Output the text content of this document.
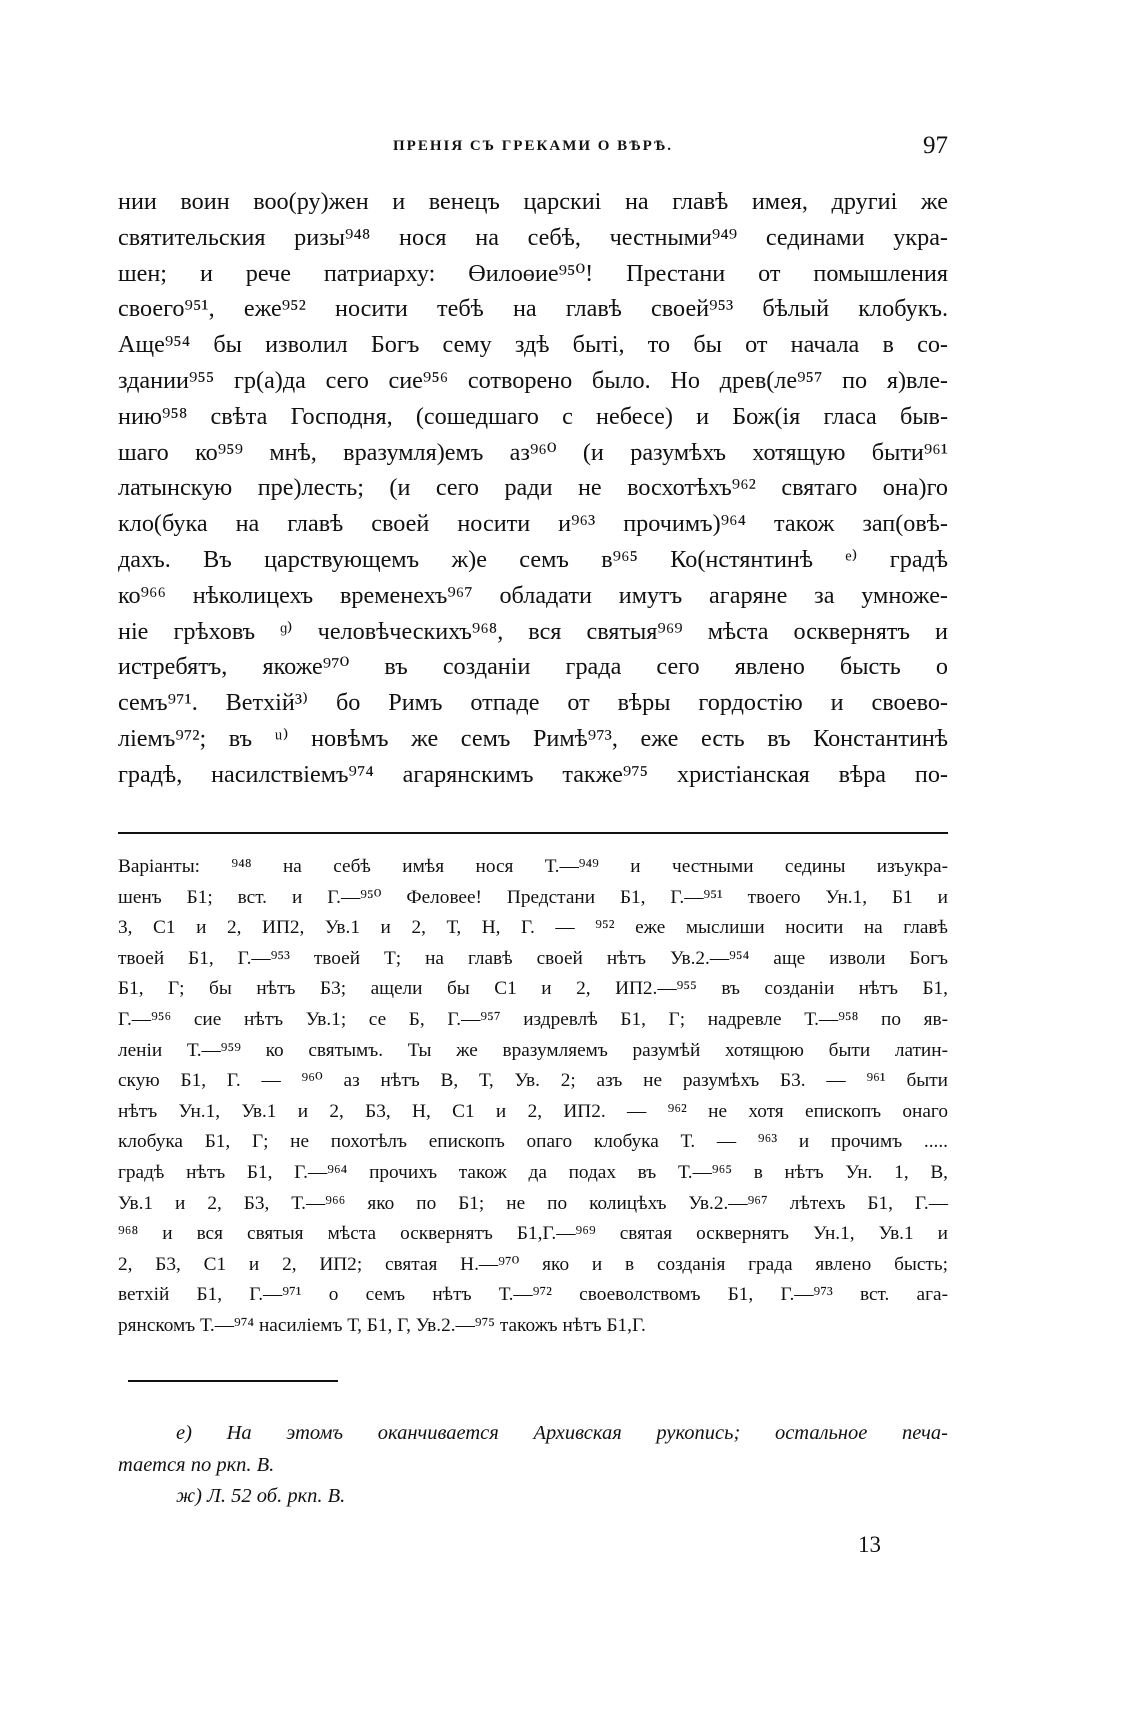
ПРЕНІЯ СЪ ГРЕКАМИ О ВѢРѢ.	97
нии воин воо(ру)жен и венецъ царскиі на главѣ имея, другиі же
святительския ризы⁹⁴⁸ нося на себѣ, честными⁹⁴⁹ сединами укра-
шен; и рече патриарху: Өилоөие⁹⁵⁰! Престани от помышления
своего⁹⁵¹, еже⁹⁵² носити тебѣ на главѣ своей⁹⁵³ бѣлый клобукъ.
Аще⁹⁵⁴ бы изволил Богъ сему здѣ быті, то бы от начала в со-
здании⁹⁵⁵ гр(а)да сего сие⁹⁵⁶ сотворено было. Но древ(ле⁹⁵⁷ по я)вле-
нию⁹⁵⁸ свѣта Господня, (сошедшаго с небесе) и Бож(ія гласа быв-
шаго ко⁹⁵⁹ мнѣ, вразумля)емъ аз⁹⁶⁰ (и разумѣхъ хотящую быти⁹⁶¹
латынскую пре)лесть; (и сего ради не восхотѣхъ⁹⁶² святаго она)го
кло(бука на главѣ своей носити и⁹⁶³ прочимъ)⁹⁶⁴ також зап(овѣ-
дахъ. Въ царствующемъ ж)е семъ в⁹⁶⁵ Ко(нстянтинѣ ᵉ⁾ градѣ
ко⁹⁶⁶ нѣколицехъ временехъ⁹⁶⁷ обладати имутъ агаряне за умноже-
ніе грѣховъ ᶢ⁾ человѣческихъ⁹⁶⁸, вся святыя⁹⁶⁹ мѣста осквернятъ и
истребятъ, якоже⁹⁷⁰ въ созданіи града сего явлено бысть о
семъ⁹⁷¹. Ветхій³⁾ бо Римъ отпаде от вѣры гордостію и своево-
ліемъ⁹⁷²; въ ᵘ⁾ новѣмъ же семъ Римѣ⁹⁷³, еже есть въ Константинѣ
градѣ, насилствіемъ⁹⁷⁴ агарянскимъ также⁹⁷⁵ христіанская вѣра по-
Варіанты: ⁹⁴⁸ на себѣ имѣя нося Т.—⁹⁴⁹ и честными седины изъукра-
шенъ Б1; вст. и Г.—⁹⁵⁰ Феловее! Предстани Б1, Г.—⁹⁵¹ твоего Ун.1, Б1 и
3, С1 и 2, ИП2, Ув.1 и 2, Т, Н, Г. — ⁹⁵² еже мыслиши носити на главѣ
твоей Б1, Г.—⁹⁵³ твоей Т; на главѣ своей нѣтъ Ув.2.—⁹⁵⁴ аще изволи Богъ
Б1, Г; бы нѣтъ Б3; ащели бы С1 и 2, ИП2.—⁹⁵⁵ въ созданіи нѣтъ Б1,
Г.—⁹⁵⁶ сие нѣтъ Ув.1; се Б, Г.—⁹⁵⁷ издревлѣ Б1, Г; надревле Т.—⁹⁵⁸ по яв-
леніи Т.—⁹⁵⁹ ко святымъ. Ты же вразумляемъ разумѣй хотящюю быти латин-
скую Б1, Г. — ⁹⁶⁰ аз нѣтъ В, Т, Ув. 2; азъ не разумѣхъ Б3. — ⁹⁶¹ быти
нѣтъ Ун.1, Ув.1 и 2, Б3, Н, С1 и 2, ИП2. — ⁹⁶² не хотя епископъ онаго
клобука Б1, Г; не похотѣлъ епископъ опаго клобука Т. — ⁹⁶³ и прочимъ .....
градѣ нѣтъ Б1, Г.—⁹⁶⁴ прочихъ також да подах въ Т.—⁹⁶⁵ в нѣтъ Ун. 1, В,
Ув.1 и 2, Б3, Т.—⁹⁶⁶ яко по Б1; не по колицѣхъ Ув.2.—⁹⁶⁷ лѣтехъ Б1, Г.—
⁹⁶⁸ и вся святыя мѣста осквернятъ Б1,Г.—⁹⁶⁹ святая осквернятъ Ун.1, Ув.1 и
2, Б3, С1 и 2, ИП2; святая Н.—⁹⁷⁰ яко и в созданія града явлено бысть;
ветхій Б1, Г.—⁹⁷¹ о семъ нѣтъ Т.—⁹⁷² своеволствомъ Б1, Г.—⁹⁷³ вст. ага-
рянскомъ Т.—⁹⁷⁴ насиліемъ Т, Б1, Г, Ув.2.—⁹⁷⁵ такожъ нѣтъ Б1,Г.
е) На этомъ оканчивается Архивская рукопись; остальное печа-
тается по ркп. В.
ж) Л. 52 об. ркп. В.
13
